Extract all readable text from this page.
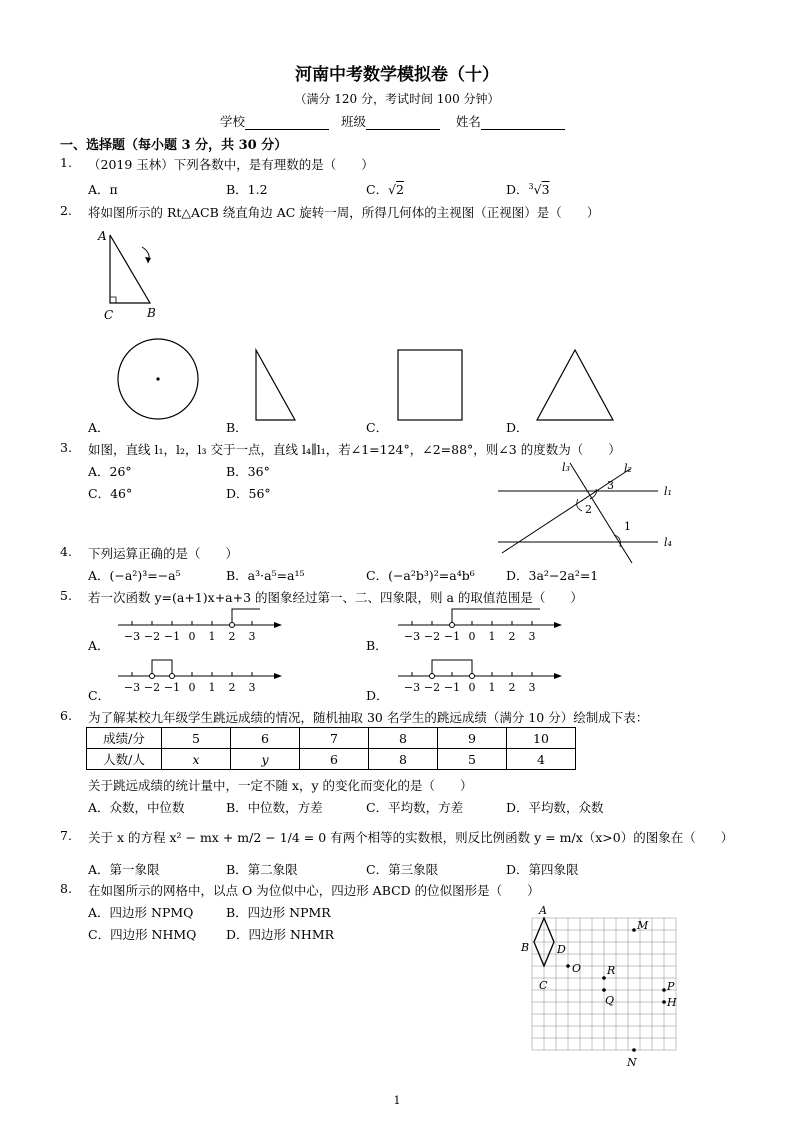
河南中考数学模拟卷（十）
（满分 120 分，考试时间 100 分钟）
学校	班级	姓名
一、选择题（每小题 3 分，共 30 分）
1. （2019 玉林）下列各数中，是有理数的是（　　）
A．π	B．1.2	C．√2	D．$^3$√3
2. 将如图所示的 Rt△ACB 绕直角边 AC 旋转一周，所得几何体的主视图（正视图）是（　　）
A
C	B
A．	B．	C．	D．
3. 如图，直线 l₁，l₂，l₃ 交于一点，直线 l₄∥l₁，若∠1=124°，∠2=88°，则∠3 的度数为（　　）
A．26°	B．36°
C．46°	D．56°
l₃	l₂
l₁
l₄
3
2
1
4. 下列运算正确的是（　　）
A．(−a²)³=−a⁵	B．a³·a⁵=a¹⁵	C．(−a²b³)²=a⁴b⁶	D．3a²−2a²=1
5. 若一次函数 y=(a+1)x+a+3 的图象经过第一、二、四象限，则 a 的取值范围是（　　）
A．	B．
C．	D．
−3 −2 −1 0 1 2 3	−3 −2 −1 0 1 2 3
−3 −2 −1 0 1 2 3	−3 −2 −1 0 1 2 3
6. 为了解某校九年级学生跳远成绩的情况，随机抽取 30 名学生的跳远成绩（满分 10 分）绘制成下表：
成绩/分	5	6	7	8	9	10
人数/人	x	y	6	8	5	4
关于跳远成绩的统计量中，一定不随 x，y 的变化而变化的是（　　）
A．众数，中位数	B．中位数，方差	C．平均数，方差	D．平均数，众数
7. 关于 x 的方程 x² − mx + m/2 − 1/4 = 0 有两个相等的实数根，则反比例函数 y = m/x（x>0）的图象在（　　）
A．第一象限	B．第二象限	C．第三象限	D．第四象限
8. 在如图所示的网格中，以点 O 为位似中心，四边形 ABCD 的位似图形是（　　）
A．四边形 NPMQ	B．四边形 NPMR
C．四边形 NHMQ D．四边形 NHMR
A
B
C
D
O R
Q
M
P
H
N
1
